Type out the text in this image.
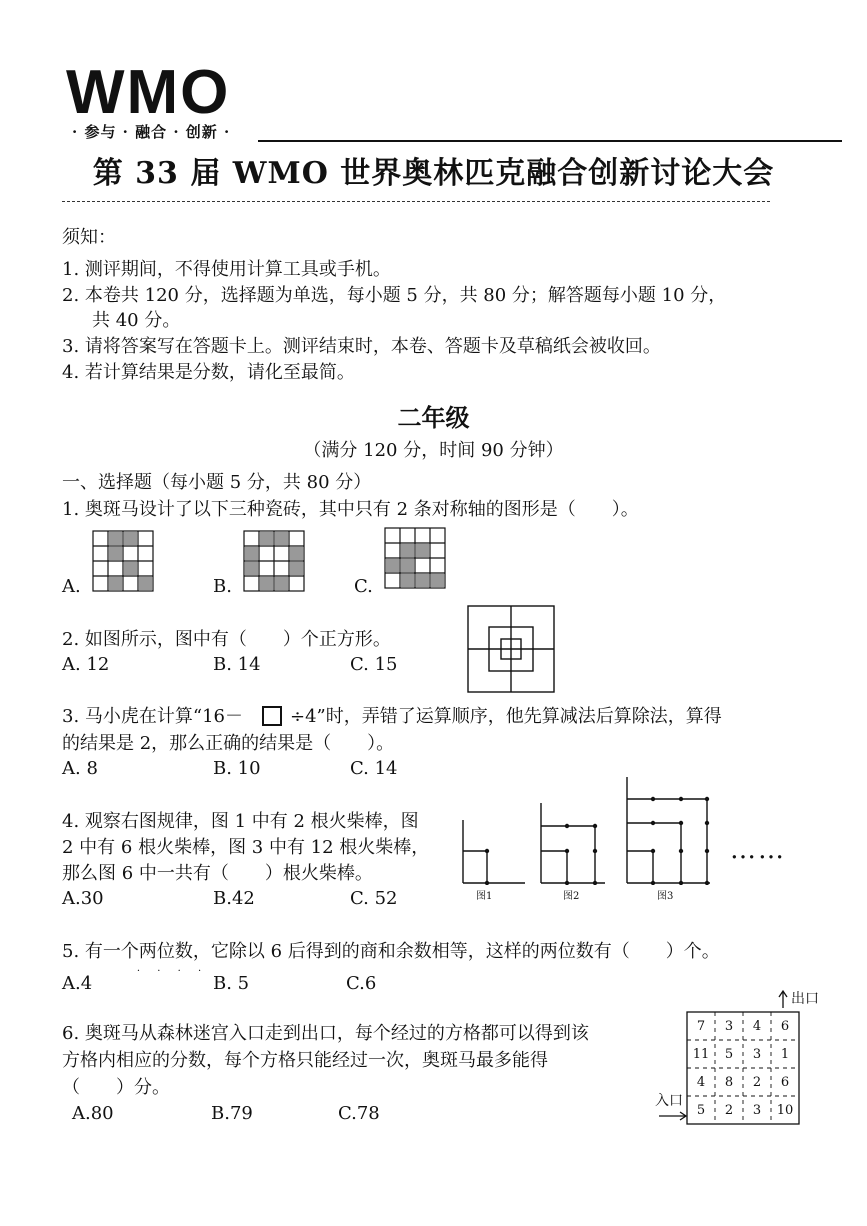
WMO
· 参与 · 融合 · 创新 ·
第 33 届 WMO 世界奥林匹克融合创新讨论大会
须知：
1. 测评期间，不得使用计算工具或手机。
2. 本卷共 120 分，选择题为单选，每小题 5 分，共 80 分；解答题每小题 10 分，
共 40 分。
3. 请将答案写在答题卡上。测评结束时，本卷、答题卡及草稿纸会被收回。
4. 若计算结果是分数，请化至最简。
二年级
（满分 120 分，时间 90 分钟）
一、选择题（每小题 5 分，共 80 分）
1. 奥斑马设计了以下三种瓷砖，其中只有 2 条对称轴的图形是（　　）。
A.	B.	C.
2. 如图所示，图中有（　　）个正方形。
A. 12	B. 14	C. 15
3. 马小虎在计算“16－	÷4”时，弄错了运算顺序，他先算减法后算除法，算得
的结果是 2，那么正确的结果是（　　）。
A. 8	B. 10	C. 14
4. 观察右图规律，图 1 中有 2 根火柴棒，图
2 中有 6 根火柴棒，图 3 中有 12 根火柴棒，
那么图 6 中一共有（　　）根火柴棒。
A.30	B.42	C. 52	图1	图2	图3
……
5. 有一个两位数 · · · ·，它除以 6 后得到的商和余数相等，这样的两位数有（　　）个。
A.4	B. 5	C.6
6. 奥斑马从森林迷宫入口走到出口，每个经过的方格都可以得到该
方格内相应的分数，每个方格只能经过一次，奥斑马最多能得
（　　）分。
A.80	B.79	C.78
出口
入口
7	3	4	6
11	5	3	1
4	8	2	6
5	2	3	10
